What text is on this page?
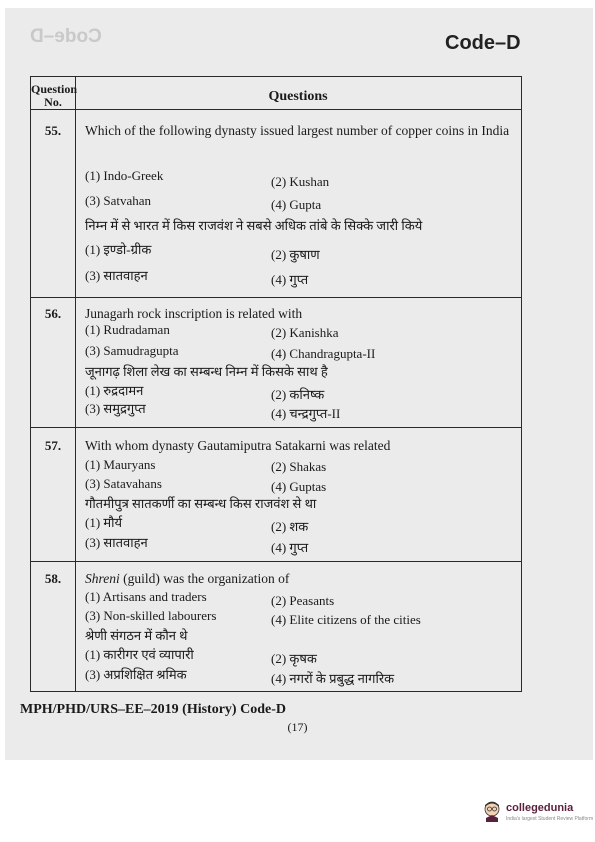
Code–D	Code–D
Question No.	Questions
55.	Which of the following dynasty issued largest number of copper coins in India
(1) Indo-Greek	(2) Kushan
(3) Satvahan	(4) Gupta
निम्न में से भारत में किस राजवंश ने सबसे अधिक तांबे के सिक्के जारी किये
(1) इण्डो-ग्रीक	(2) कुषाण
(3) सातवाहन	(4) गुप्त
56.	Junagarh rock inscription is related with
(1) Rudradaman	(2) Kanishka
(3) Samudragupta	(4) Chandragupta-II
जूनागढ़ शिला लेख का सम्बन्ध निम्न में किसके साथ है
(1) रुद्रदामन	(2) कनिष्क
(3) समुद्रगुप्त	(4) चन्द्रगुप्त-II
57.	With whom dynasty Gautamiputra Satakarni was related
(1) Mauryans	(2) Shakas
(3) Satavahans	(4) Guptas
गौतमीपुत्र सातकर्णी का सम्बन्ध किस राजवंश से था
(1) मौर्य	(2) शक
(3) सातवाहन	(4) गुप्त
58.	Shreni (guild) was the organization of
(1) Artisans and traders	(2) Peasants
(3) Non-skilled labourers	(4) Elite citizens of the cities
श्रेणी संगठन में कौन थे
(1) कारीगर एवं व्यापारी	(2) कृषक
(3) अप्रशिक्षित श्रमिक	(4) नगरों के प्रबुद्ध नागरिक
MPH/PHD/URS–EE–2019 (History) Code-D
(17)
collegedunia
India's largest Student Review Platform
